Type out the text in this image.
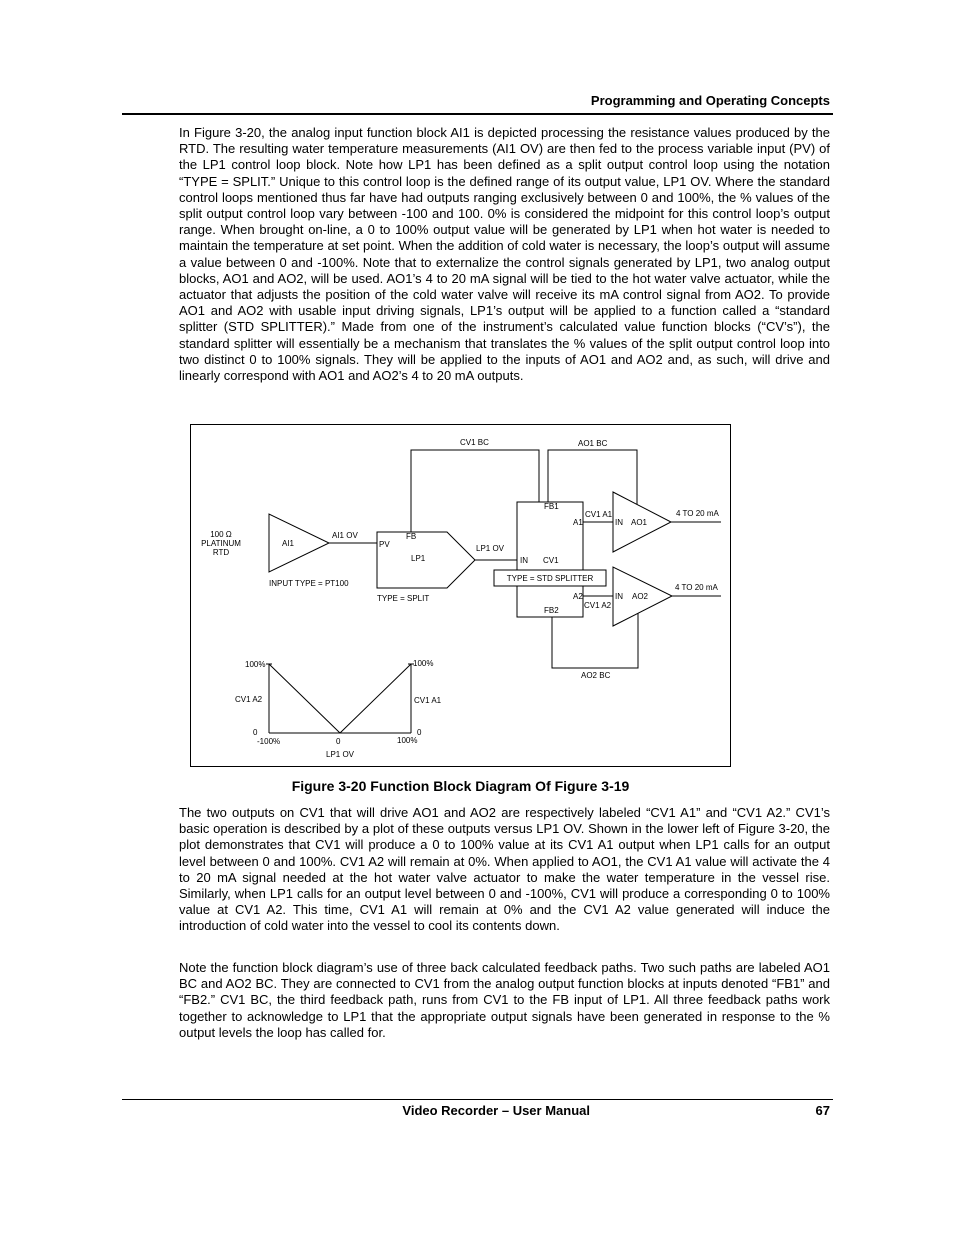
Programming and Operating Concepts

In Figure 3-20, the analog input function block AI1 is depicted processing the resistance values produced by the RTD. The resulting water temperature measurements (AI1 OV) are then fed to the process variable input (PV) of the LP1 control loop block. Note how LP1 has been defined as a split output control loop using the notation “TYPE = SPLIT.” Unique to this control loop is the defined range of its output value, LP1 OV. Where the standard control loops mentioned thus far have had outputs ranging exclusively between 0 and 100%, the % values of the split output control loop vary between -100 and 100. 0% is considered the midpoint for this control loop’s output range. When brought on-line, a 0 to 100% output value will be generated by LP1 when hot water is needed to maintain the temperature at set point. When the addition of cold water is necessary, the loop’s output will assume a value between 0 and -100%. Note that to externalize the control signals generated by LP1, two analog output blocks, AO1 and AO2, will be used. AO1’s 4 to 20 mA signal will be tied to the hot water valve actuator, while the actuator that adjusts the position of the cold water valve will receive its mA control signal from AO2. To provide AO1 and AO2 with usable input driving signals, LP1’s output will be applied to a function called a “standard splitter (STD SPLITTER).” Made from one of the instrument’s calculated value function blocks (“CV’s”), the standard splitter will essentially be a mechanism that translates the % values of the split output control loop into two distinct 0 to 100% signals. They will be applied to the inputs of AO1 and AO2 and, as such, will drive and linearly correspond with AO1 and AO2’s 4 to 20 mA outputs.

CV1 BC	AO1 BC
AO2 BC
100 Ω
PLATINUM
RTD
AI1
AI1 OV
INPUT TYPE = PT100
PV
FB
LP1
TYPE = SPLIT
LP1 OV
FB1
A1
CV1 A1
IN CV1
TYPE = STD SPLITTER
A2
CV1 A2
FB2
IN AO1
IN AO2
4 TO 20 mA
4 TO 20 mA
100%	100%
CV1 A2	CV1 A1
0	0
-100%	0	100%
LP1 OV
Figure 3-20 Function Block Diagram Of Figure 3-19

The two outputs on CV1 that will drive AO1 and AO2 are respectively labeled “CV1 A1” and “CV1 A2.” CV1’s basic operation is described by a plot of these outputs versus LP1 OV. Shown in the lower left of Figure 3-20, the plot demonstrates that CV1 will produce a 0 to 100% value at its CV1 A1 output when LP1 calls for an output level between 0 and 100%. CV1 A2 will remain at 0%. When applied to AO1, the CV1 A1 value will activate the 4 to 20 mA signal needed at the hot water valve actuator to make the water temperature in the vessel rise. Similarly, when LP1 calls for an output level between 0 and -100%, CV1 will produce a corresponding 0 to 100% value at CV1 A2. This time, CV1 A1 will remain at 0% and the CV1 A2 value generated will induce the introduction of cold water into the vessel to cool its contents down.

Note the function block diagram’s use of three back calculated feedback paths. Two such paths are labeled AO1 BC and AO2 BC. They are connected to CV1 from the analog output function blocks at inputs denoted “FB1” and “FB2.” CV1 BC, the third feedback path, runs from CV1 to the FB input of LP1. All three feedback paths work together to acknowledge to LP1 that the appropriate output signals have been generated in response to the % output levels the loop has called for.

Video Recorder – User Manual	67
